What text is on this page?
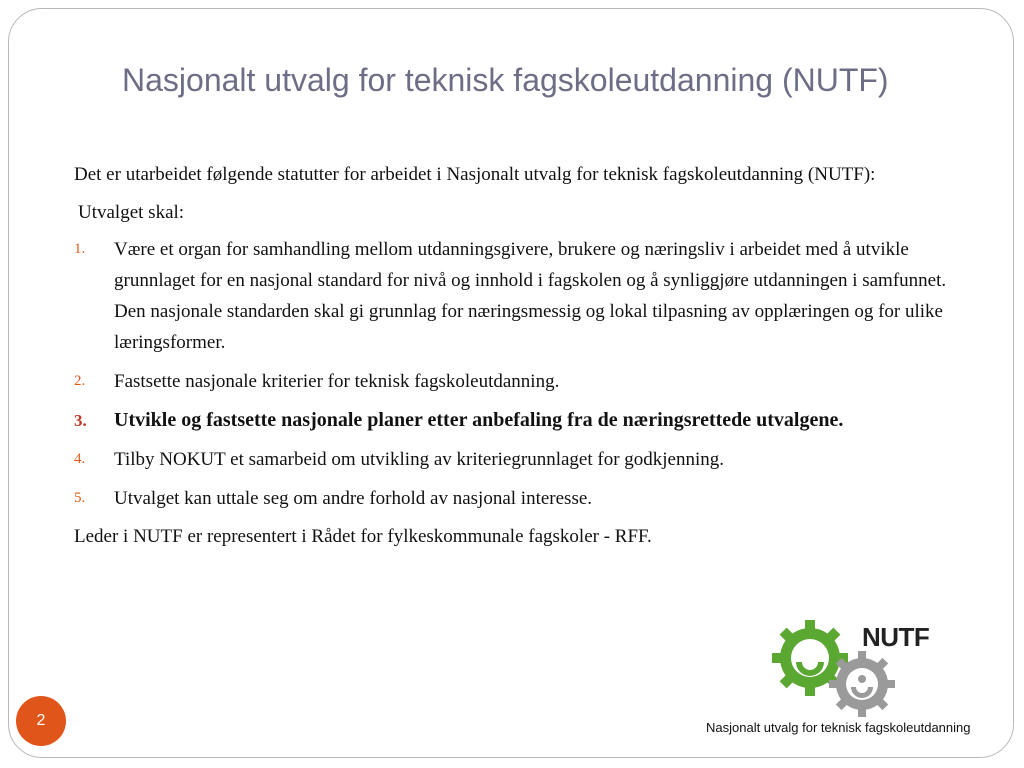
Nasjonalt utvalg for teknisk fagskoleutdanning (NUTF)

Det er utarbeidet følgende statutter for arbeidet i Nasjonalt utvalg for teknisk fagskoleutdanning (NUTF):

Utvalget skal:

1. Være et organ for samhandling mellom utdanningsgivere, brukere og næringsliv i arbeidet med å utvikle grunnlaget for en nasjonal standard for nivå og innhold i fagskolen og å synliggjøre utdanningen i samfunnet. Den nasjonale standarden skal gi grunnlag for næringsmessig og lokal tilpasning av opplæringen og for ulike læringsformer.
2. Fastsette nasjonale kriterier for teknisk fagskoleutdanning.
3. Utvikle og fastsette nasjonale planer etter anbefaling fra de næringsrettede utvalgene.
4. Tilby NOKUT et samarbeid om utvikling av kriteriegrunnlaget for godkjenning.
5. Utvalget kan uttale seg om andre forhold av nasjonal interesse.

Leder i NUTF er representert i Rådet for fylkeskommunale fagskoler - RFF.

2
NUTF
Nasjonalt utvalg for teknisk fagskoleutdanning
